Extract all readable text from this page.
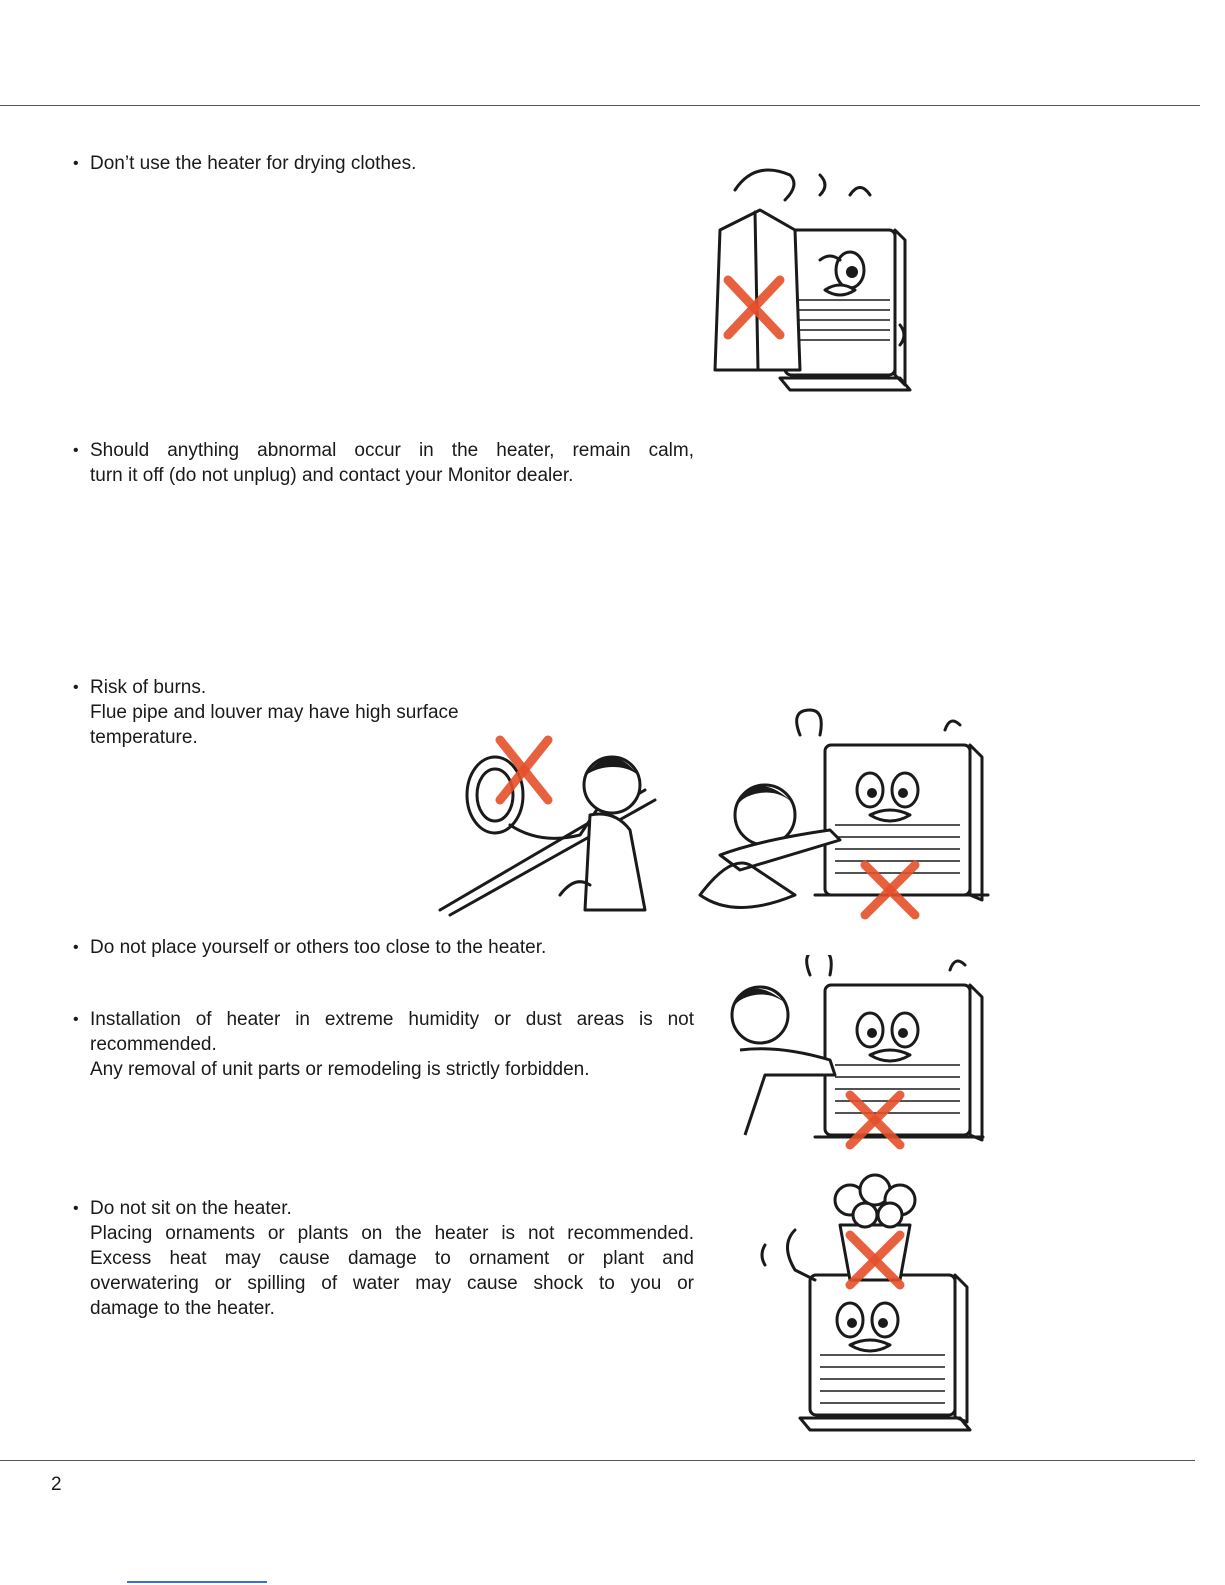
• Don’t use the heater for drying clothes.

• Should anything abnormal occur in the heater, remain calm,

turn it off (do not unplug) and contact your Monitor dealer.

• Risk of burns.

Flue pipe and louver may have high surface

temperature.

• Do not place yourself or others too close to the heater.

• Installation of heater in extreme humidity or dust areas is not

recommended.

Any removal of unit parts or remodeling is strictly forbidden.

• Do not sit on the heater.

Placing ornaments or plants on the heater is not recommended.

Excess heat may cause damage to ornament or plant and

overwatering or spilling of water may cause shock to you or

damage to the heater.

2
